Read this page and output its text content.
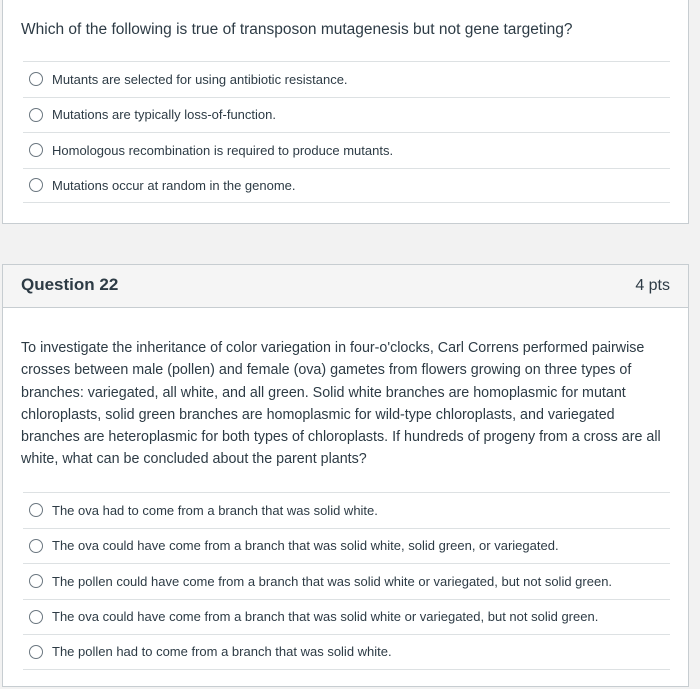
Which of the following is true of transposon mutagenesis but not gene targeting?
Mutants are selected for using antibiotic resistance.
Mutations are typically loss-of-function.
Homologous recombination is required to produce mutants.
Mutations occur at random in the genome.
Question 22	4 pts
To investigate the inheritance of color variegation in four-o'clocks, Carl Correns performed pairwise crosses between male (pollen) and female (ova) gametes from flowers growing on three types of branches: variegated, all white, and all green. Solid white branches are homoplasmic for mutant chloroplasts, solid green branches are homoplasmic for wild-type chloroplasts, and variegated branches are heteroplasmic for both types of chloroplasts. If hundreds of progeny from a cross are all white, what can be concluded about the parent plants?
The ova had to come from a branch that was solid white.
The ova could have come from a branch that was solid white, solid green, or variegated.
The pollen could have come from a branch that was solid white or variegated, but not solid green.
The ova could have come from a branch that was solid white or variegated, but not solid green.
The pollen had to come from a branch that was solid white.
